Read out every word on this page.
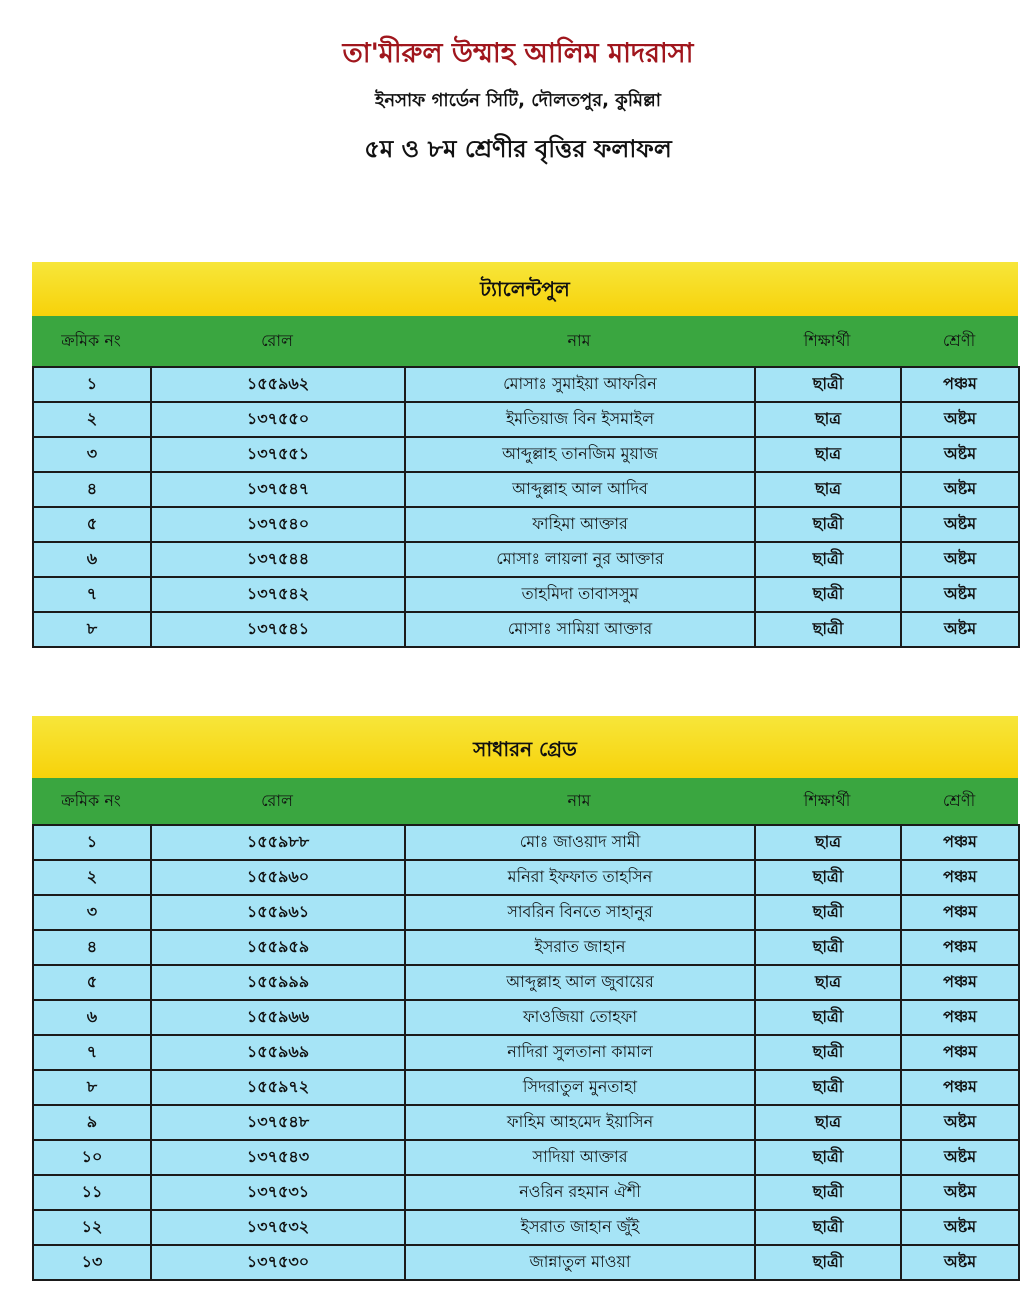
তা'মীরুল উম্মাহ আলিম মাদরাসা
ইনসাফ গার্ডেন সিটি, দৌলতপুর, কুমিল্লা
৫ম ও ৮ম শ্রেণীর বৃত্তির ফলাফল
ট্যালেন্টপুল
ক্রমিক নং	রোল	নাম	শিক্ষার্থী	শ্রেণী
১	১৫৫৯৬২	মোসাঃ সুমাইয়া আফরিন	ছাত্রী	পঞ্চম
২	১৩৭৫৫০	ইমতিয়াজ বিন ইসমাইল	ছাত্র	অষ্টম
৩	১৩৭৫৫১	আব্দুল্লাহ তানজিম মুয়াজ	ছাত্র	অষ্টম
৪	১৩৭৫৪৭	আব্দুল্লাহ আল আদিব	ছাত্র	অষ্টম
৫	১৩৭৫৪০	ফাহিমা আক্তার	ছাত্রী	অষ্টম
৬	১৩৭৫৪৪	মোসাঃ লায়লা নুর আক্তার	ছাত্রী	অষ্টম
৭	১৩৭৫৪২	তাহমিদা তাবাসসুম	ছাত্রী	অষ্টম
৮	১৩৭৫৪১	মোসাঃ সামিয়া আক্তার	ছাত্রী	অষ্টম
সাধারন গ্রেড
ক্রমিক নং	রোল	নাম	শিক্ষার্থী	শ্রেণী
১	১৫৫৯৮৮	মোঃ জাওয়াদ সামী	ছাত্র	পঞ্চম
২	১৫৫৯৬০	মনিরা ইফফাত তাহসিন	ছাত্রী	পঞ্চম
৩	১৫৫৯৬১	সাবরিন বিনতে সাহানুর	ছাত্রী	পঞ্চম
৪	১৫৫৯৫৯	ইসরাত জাহান	ছাত্রী	পঞ্চম
৫	১৫৫৯৯৯	আব্দুল্লাহ আল জুবায়ের	ছাত্র	পঞ্চম
৬	১৫৫৯৬৬	ফাওজিয়া তোহফা	ছাত্রী	পঞ্চম
৭	১৫৫৯৬৯	নাদিরা সুলতানা কামাল	ছাত্রী	পঞ্চম
৮	১৫৫৯৭২	সিদরাতুল মুনতাহা	ছাত্রী	পঞ্চম
৯	১৩৭৫৪৮	ফাহিম আহমেদ ইয়াসিন	ছাত্র	অষ্টম
১০	১৩৭৫৪৩	সাদিয়া আক্তার	ছাত্রী	অষ্টম
১১	১৩৭৫৩১	নওরিন রহমান ঐশী	ছাত্রী	অষ্টম
১২	১৩৭৫৩২	ইসরাত জাহান জুঁই	ছাত্রী	অষ্টম
১৩	১৩৭৫৩০	জান্নাতুল মাওয়া	ছাত্রী	অষ্টম
